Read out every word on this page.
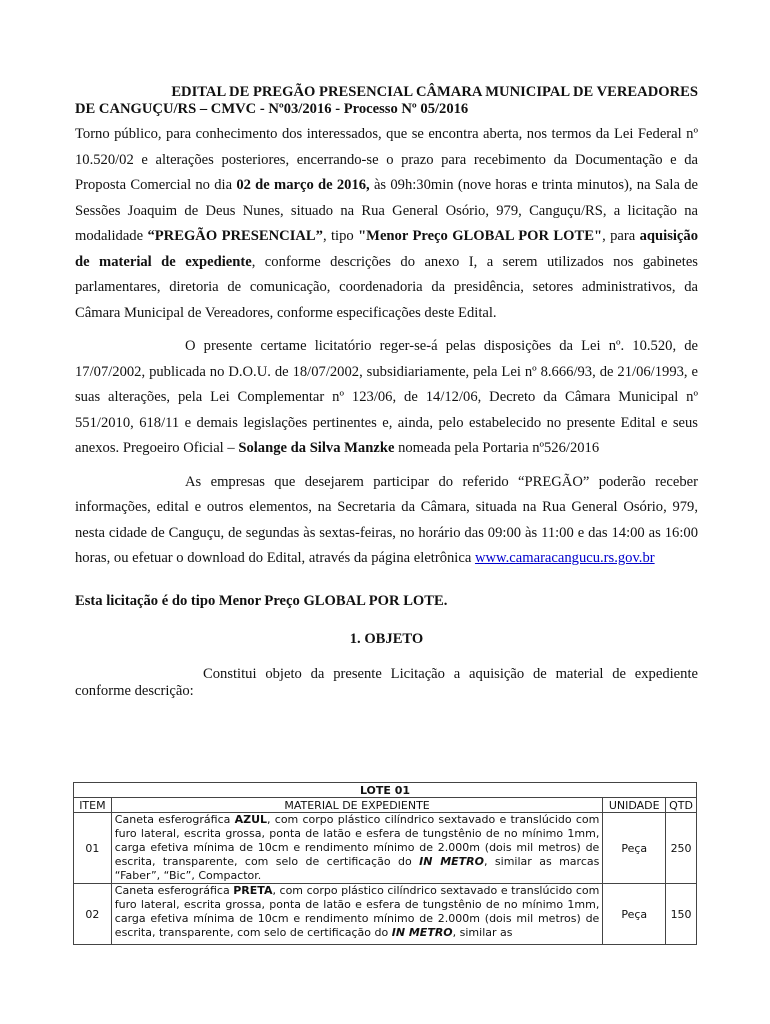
EDITAL DE PREGÃO PRESENCIAL CÂMARA MUNICIPAL DE VEREADORES
DE CANGUÇU/RS – CMVC - Nº03/2016 - Processo Nº 05/2016

Torno público, para conhecimento dos interessados, que se encontra aberta, nos termos da Lei Federal nº 10.520/02 e alterações posteriores, encerrando-se o prazo para recebimento da Documentação e da Proposta Comercial no dia 02 de março de 2016, às 09h:30min (nove horas e trinta minutos), na Sala de Sessões Joaquim de Deus Nunes, situado na Rua General Osório, 979, Canguçu/RS, a licitação na modalidade “PREGÃO PRESENCIAL”, tipo "Menor Preço GLOBAL POR LOTE", para aquisição de material de expediente, conforme descrições do anexo I, a serem utilizados nos gabinetes parlamentares, diretoria de comunicação, coordenadoria da presidência, setores administrativos, da Câmara Municipal de Vereadores, conforme especificações deste Edital.

O presente certame licitatório reger-se-á pelas disposições da Lei nº. 10.520, de 17/07/2002, publicada no D.O.U. de 18/07/2002, subsidiariamente, pela Lei nº 8.666/93, de 21/06/1993, e suas alterações, pela Lei Complementar nº 123/06, de 14/12/06, Decreto da Câmara Municipal nº 551/2010, 618/11 e demais legislações pertinentes e, ainda, pelo estabelecido no presente Edital e seus anexos. Pregoeiro Oficial – Solange da Silva Manzke nomeada pela Portaria nº526/2016

As empresas que desejarem participar do referido “PREGÃO” poderão receber informações, edital e outros elementos, na Secretaria da Câmara, situada na Rua General Osório, 979, nesta cidade de Canguçu, de segundas às sextas-feiras, no horário das 09:00 às 11:00 e das 14:00 as 16:00 horas, ou efetuar o download do Edital, através da página eletrônica www.camaracangucu.rs.gov.br

Esta licitação é do tipo Menor Preço GLOBAL POR LOTE.

1. OBJETO

Constitui objeto da presente Licitação a aquisição de material de expediente conforme descrição:

LOTE 01			
ITEM	MATERIAL DE EXPEDIENTE	UNIDADE	QTD
01	Caneta esferográfica AZUL, com corpo plástico cilíndrico sextavado e translúcido com furo lateral, escrita grossa, ponta de latão e esfera de tungstênio de no mínimo 1mm, carga efetiva mínima de 10cm e rendimento mínimo de 2.000m (dois mil metros) de escrita, transparente, com selo de certificação do IN METRO, similar as marcas “Faber”, “Bic”, Compactor.	Peça	250
02	Caneta esferográfica PRETA, com corpo plástico cilíndrico sextavado e translúcido com furo lateral, escrita grossa, ponta de latão e esfera de tungstênio de no mínimo 1mm, carga efetiva mínima de 10cm e rendimento mínimo de 2.000m (dois mil metros) de escrita, transparente, com selo de certificação do IN METRO, similar as	Peça	150
